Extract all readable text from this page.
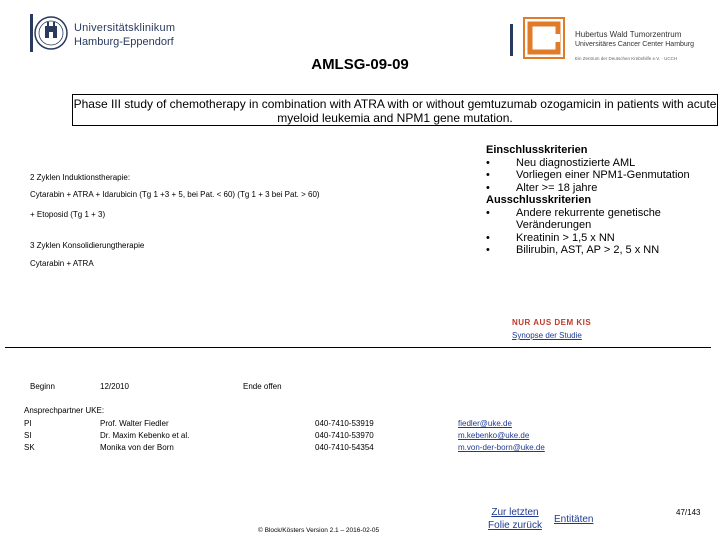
Universitätsklinikum
Hamburg-Eppendorf
Hubertus Wald Tumorzentrum
Universitäres Cancer Center Hamburg
Ein Zentrum der Deutschen Krebshilfe e.V. · UCCH
AMLSG-09-09
Phase III study of chemotherapy in combination with ATRA with or without gemtuzumab ozogamicin in patients with acute myeloid leukemia and NPM1 gene mutation.
2 Zyklen Induktionstherapie:
Cytarabin + ATRA + Idarubicin (Tg 1 +3 + 5, bei Pat. < 60) (Tg 1 + 3 bei Pat. > 60)
+ Etoposid (Tg 1 + 3)
3 Zyklen Konsolidierungtherapie
Cytarabin + ATRA
Einschlusskriterien
• Neu diagnostizierte AML
• Vorliegen einer NPM1-Genmutation
• Alter >= 18 jahre
Ausschlusskriterien
• Andere rekurrente genetische Veränderungen
• Kreatinin > 1,5 x NN
• Bilirubin, AST, AP > 2, 5 x NN
NUR AUS DEM KIS
Synopse der Studie
Beginn	12/2010	Ende offen
Ansprechpartner UKE:
PI	Prof. Walter Fiedler	040-7410-53919	fiedler@uke.de
SI	Dr. Maxim Kebenko et al.	040-7410-53970	m.kebenko@uke.de
SK	Monika von der Born	040-7410-54354	m.von-der-born@uke.de
© Block/Kösters Version 2.1 – 2016-02-05
Zur letzten
Folie zurück
Entitäten
47/143
